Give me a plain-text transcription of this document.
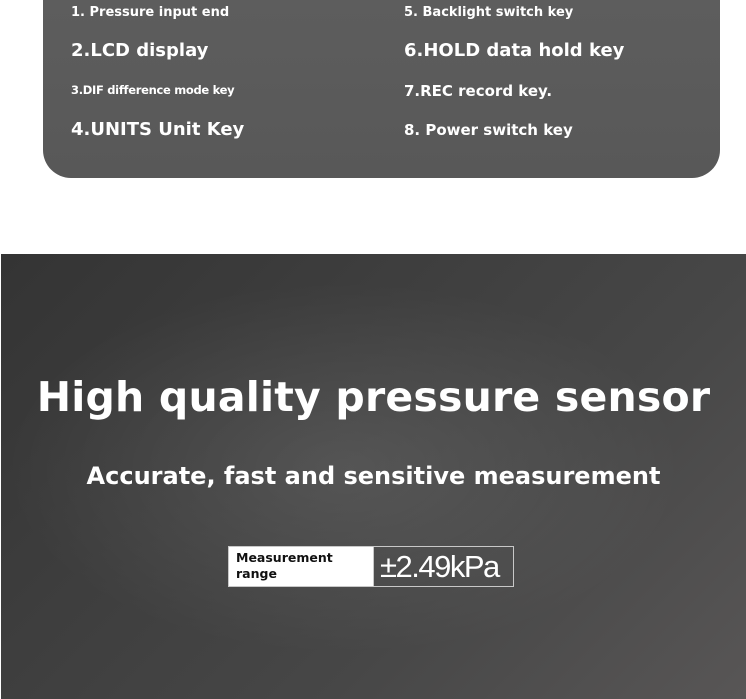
1. Pressure input end

2.LCD display

3.DIF difference mode key

4.UNITS Unit Key

5. Backlight switch key

6.HOLD data hold key

7.REC record key.

8. Power switch key

High quality pressure sensor
Accurate, fast and sensitive measurement
Measurement range	±2.49kPa
